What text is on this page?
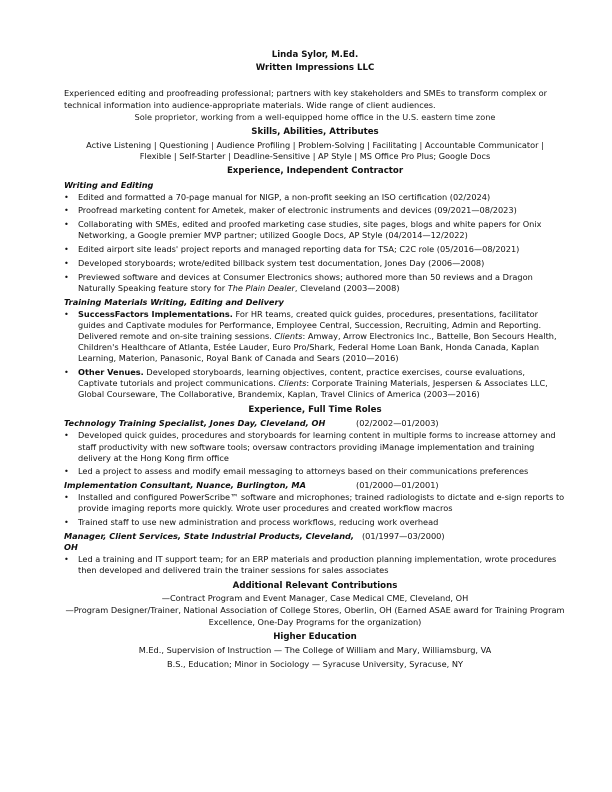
Linda Sylor, M.Ed.
Written Impressions LLC
Experienced editing and proofreading professional; partners with key stakeholders and SMEs to transform complex or technical information into audience-appropriate materials. Wide range of client audiences.
Sole proprietor, working from a well-equipped home office in the U.S. eastern time zone
Skills, Abilities, Attributes
Active Listening | Questioning | Audience Profiling | Problem-Solving | Facilitating | Accountable Communicator | Flexible | Self-Starter | Deadline-Sensitive | AP Style | MS Office Pro Plus; Google Docs
Experience, Independent Contractor
Writing and Editing
• Edited and formatted a 70-page manual for NIGP, a non-profit seeking an ISO certification (02/2024)
• Proofread marketing content for Ametek, maker of electronic instruments and devices (09/2021—08/2023)
• Collaborating with SMEs, edited and proofed marketing case studies, site pages, blogs and white papers for Onix Networking, a Google premier MVP partner; utilized Google Docs, AP Style (04/2014—12/2022)
• Edited airport site leads' project reports and managed reporting data for TSA; C2C role (05/2016—08/2021)
• Developed storyboards; wrote/edited billback system test documentation, Jones Day (2006—2008)
• Previewed software and devices at Consumer Electronics shows; authored more than 50 reviews and a Dragon Naturally Speaking feature story for The Plain Dealer, Cleveland (2003—2008)
Training Materials Writing, Editing and Delivery
• SuccessFactors Implementations. For HR teams, created quick guides, procedures, presentations, facilitator guides and Captivate modules for Performance, Employee Central, Succession, Recruiting, Admin and Reporting. Delivered remote and on-site training sessions. Clients: Amway, Arrow Electronics Inc., Battelle, Bon Secours Health, Children's Healthcare of Atlanta, Estée Lauder, Euro Pro/Shark, Federal Home Loan Bank, Honda Canada, Kaplan Learning, Materion, Panasonic, Royal Bank of Canada and Sears (2010—2016)
• Other Venues. Developed storyboards, learning objectives, content, practice exercises, course evaluations, Captivate tutorials and project communications. Clients: Corporate Training Materials, Jespersen & Associates LLC, Global Courseware, The Collaborative, Brandemix, Kaplan, Travel Clinics of America (2003—2016)
Experience, Full Time Roles
Technology Training Specialist, Jones Day, Cleveland, OH	(02/2002—01/2003)
• Developed quick guides, procedures and storyboards for learning content in multiple forms to increase attorney and staff productivity with new software tools; oversaw contractors providing iManage implementation and training delivery at the Hong Kong firm office
• Led a project to assess and modify email messaging to attorneys based on their communications preferences
Implementation Consultant, Nuance, Burlington, MA	(01/2000—01/2001)
• Installed and configured PowerScribe™ software and microphones; trained radiologists to dictate and e-sign reports to provide imaging reports more quickly. Wrote user procedures and created workflow macros
• Trained staff to use new administration and process workflows, reducing work overhead
Manager, Client Services, State Industrial Products, Cleveland, OH
(01/1997—03/2000)
• Led a training and IT support team; for an ERP materials and production planning implementation, wrote procedures then developed and delivered train the trainer sessions for sales associates
Additional Relevant Contributions
—Contract Program and Event Manager, Case Medical CME, Cleveland, OH
—Program Designer/Trainer, National Association of College Stores, Oberlin, OH (Earned ASAE award for Training Program Excellence, One-Day Programs for the organization)
Higher Education
M.Ed., Supervision of Instruction — The College of William and Mary, Williamsburg, VA
B.S., Education; Minor in Sociology — Syracuse University, Syracuse, NY
